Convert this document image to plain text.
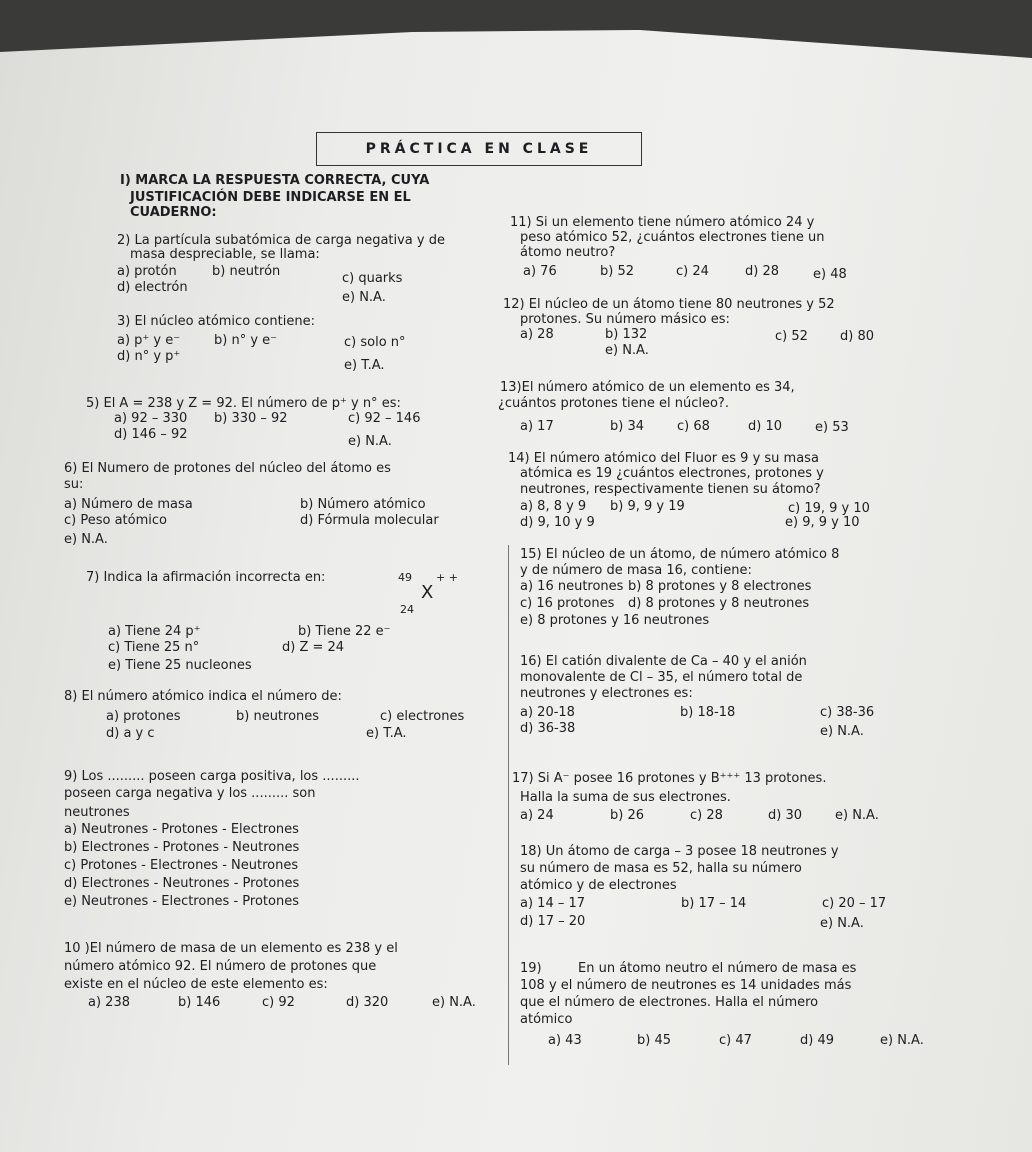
PRÁCTICA EN CLASE
I) MARCA LA RESPUESTA CORRECTA, CUYA
JUSTIFICACIÓN DEBE INDICARSE EN EL
CUADERNO:
2) La partícula subatómica de carga negativa y de
masa despreciable, se llama:
a) protón	b) neutrón	c) quarks
d) electrón
e) N.A.
3) El núcleo atómico contiene:
a) p⁺ y e⁻	b) n° y e⁻	c) solo n°
d) n° y p⁺
e) T.A.
5) El A = 238 y Z = 92. El número de p⁺ y n° es:
a) 92 – 330 b) 330 – 92	c) 92 – 146
d) 146 – 92	e) N.A.
6) El Numero de protones del núcleo del átomo es
su:
a) Número de masa	b) Número atómico
c) Peso atómico	d) Fórmula molecular
e) N.A.
7) Indica la afirmación incorrecta en:	49 + +
X
24
a) Tiene 24 p⁺	b) Tiene 22 e⁻
c) Tiene 25 n°	d) Z = 24
e) Tiene 25 nucleones
8) El número atómico indica el número de:
a) protones	b) neutrones	c) electrones
d) a y c	e) T.A.
9) Los ......... poseen carga positiva, los .........
poseen carga negativa y los ......... son
neutrones
a) Neutrones - Protones - Electrones
b) Electrones - Protones - Neutrones
c) Protones - Electrones - Neutrones
d) Electrones - Neutrones - Protones
e) Neutrones - Electrones - Protones
10 )El número de masa de un elemento es 238 y el
número atómico 92. El número de protones que
existe en el núcleo de este elemento es:
a) 238	b) 146	c) 92	d) 320	e) N.A.
11) Si un elemento tiene número atómico 24 y
peso atómico 52, ¿cuántos electrones tiene un
átomo neutro?
a) 76	b) 52	c) 24	d) 28	e) 48
12) El núcleo de un átomo tiene 80 neutrones y 52
protones. Su número másico es:
a) 28	b) 132	c) 52 d) 80
e) N.A.
13)El número atómico de un elemento es 34,
¿cuántos protones tiene el núcleo?.
a) 17	b) 34	c) 68	d) 10	e) 53
14) El número atómico del Fluor es 9 y su masa
atómica es 19 ¿cuántos electrones, protones y
neutrones, respectivamente tienen su átomo?
a) 8, 8 y 9 b) 9, 9 y 19	c) 19, 9 y 10
d) 9, 10 y 9	e) 9, 9 y 10
15) El núcleo de un átomo, de número atómico 8
y de número de masa 16, contiene:
a) 16 neutrones b) 8 protones y 8 electrones
c) 16 protones d) 8 protones y 8 neutrones
e) 8 protones y 16 neutrones
16) El catión divalente de Ca – 40 y el anión
monovalente de Cl – 35, el número total de
neutrones y electrones es:
a) 20-18	b) 18-18	c) 38-36
d) 36-38	e) N.A.
17) Si A⁻ posee 16 protones y B⁺⁺⁺ 13 protones.
Halla la suma de sus electrones.
a) 24	b) 26	c) 28	d) 30	e) N.A.
18) Un átomo de carga – 3 posee 18 neutrones y
su número de masa es 52, halla su número
atómico y de electrones
a) 14 – 17	b) 17 – 14	c) 20 – 17
d) 17 – 20	e) N.A.
19)	En un átomo neutro el número de masa es
108 y el número de neutrones es 14 unidades más
que el número de electrones. Halla el número
atómico
a) 43	b) 45	c) 47	d) 49	e) N.A.
